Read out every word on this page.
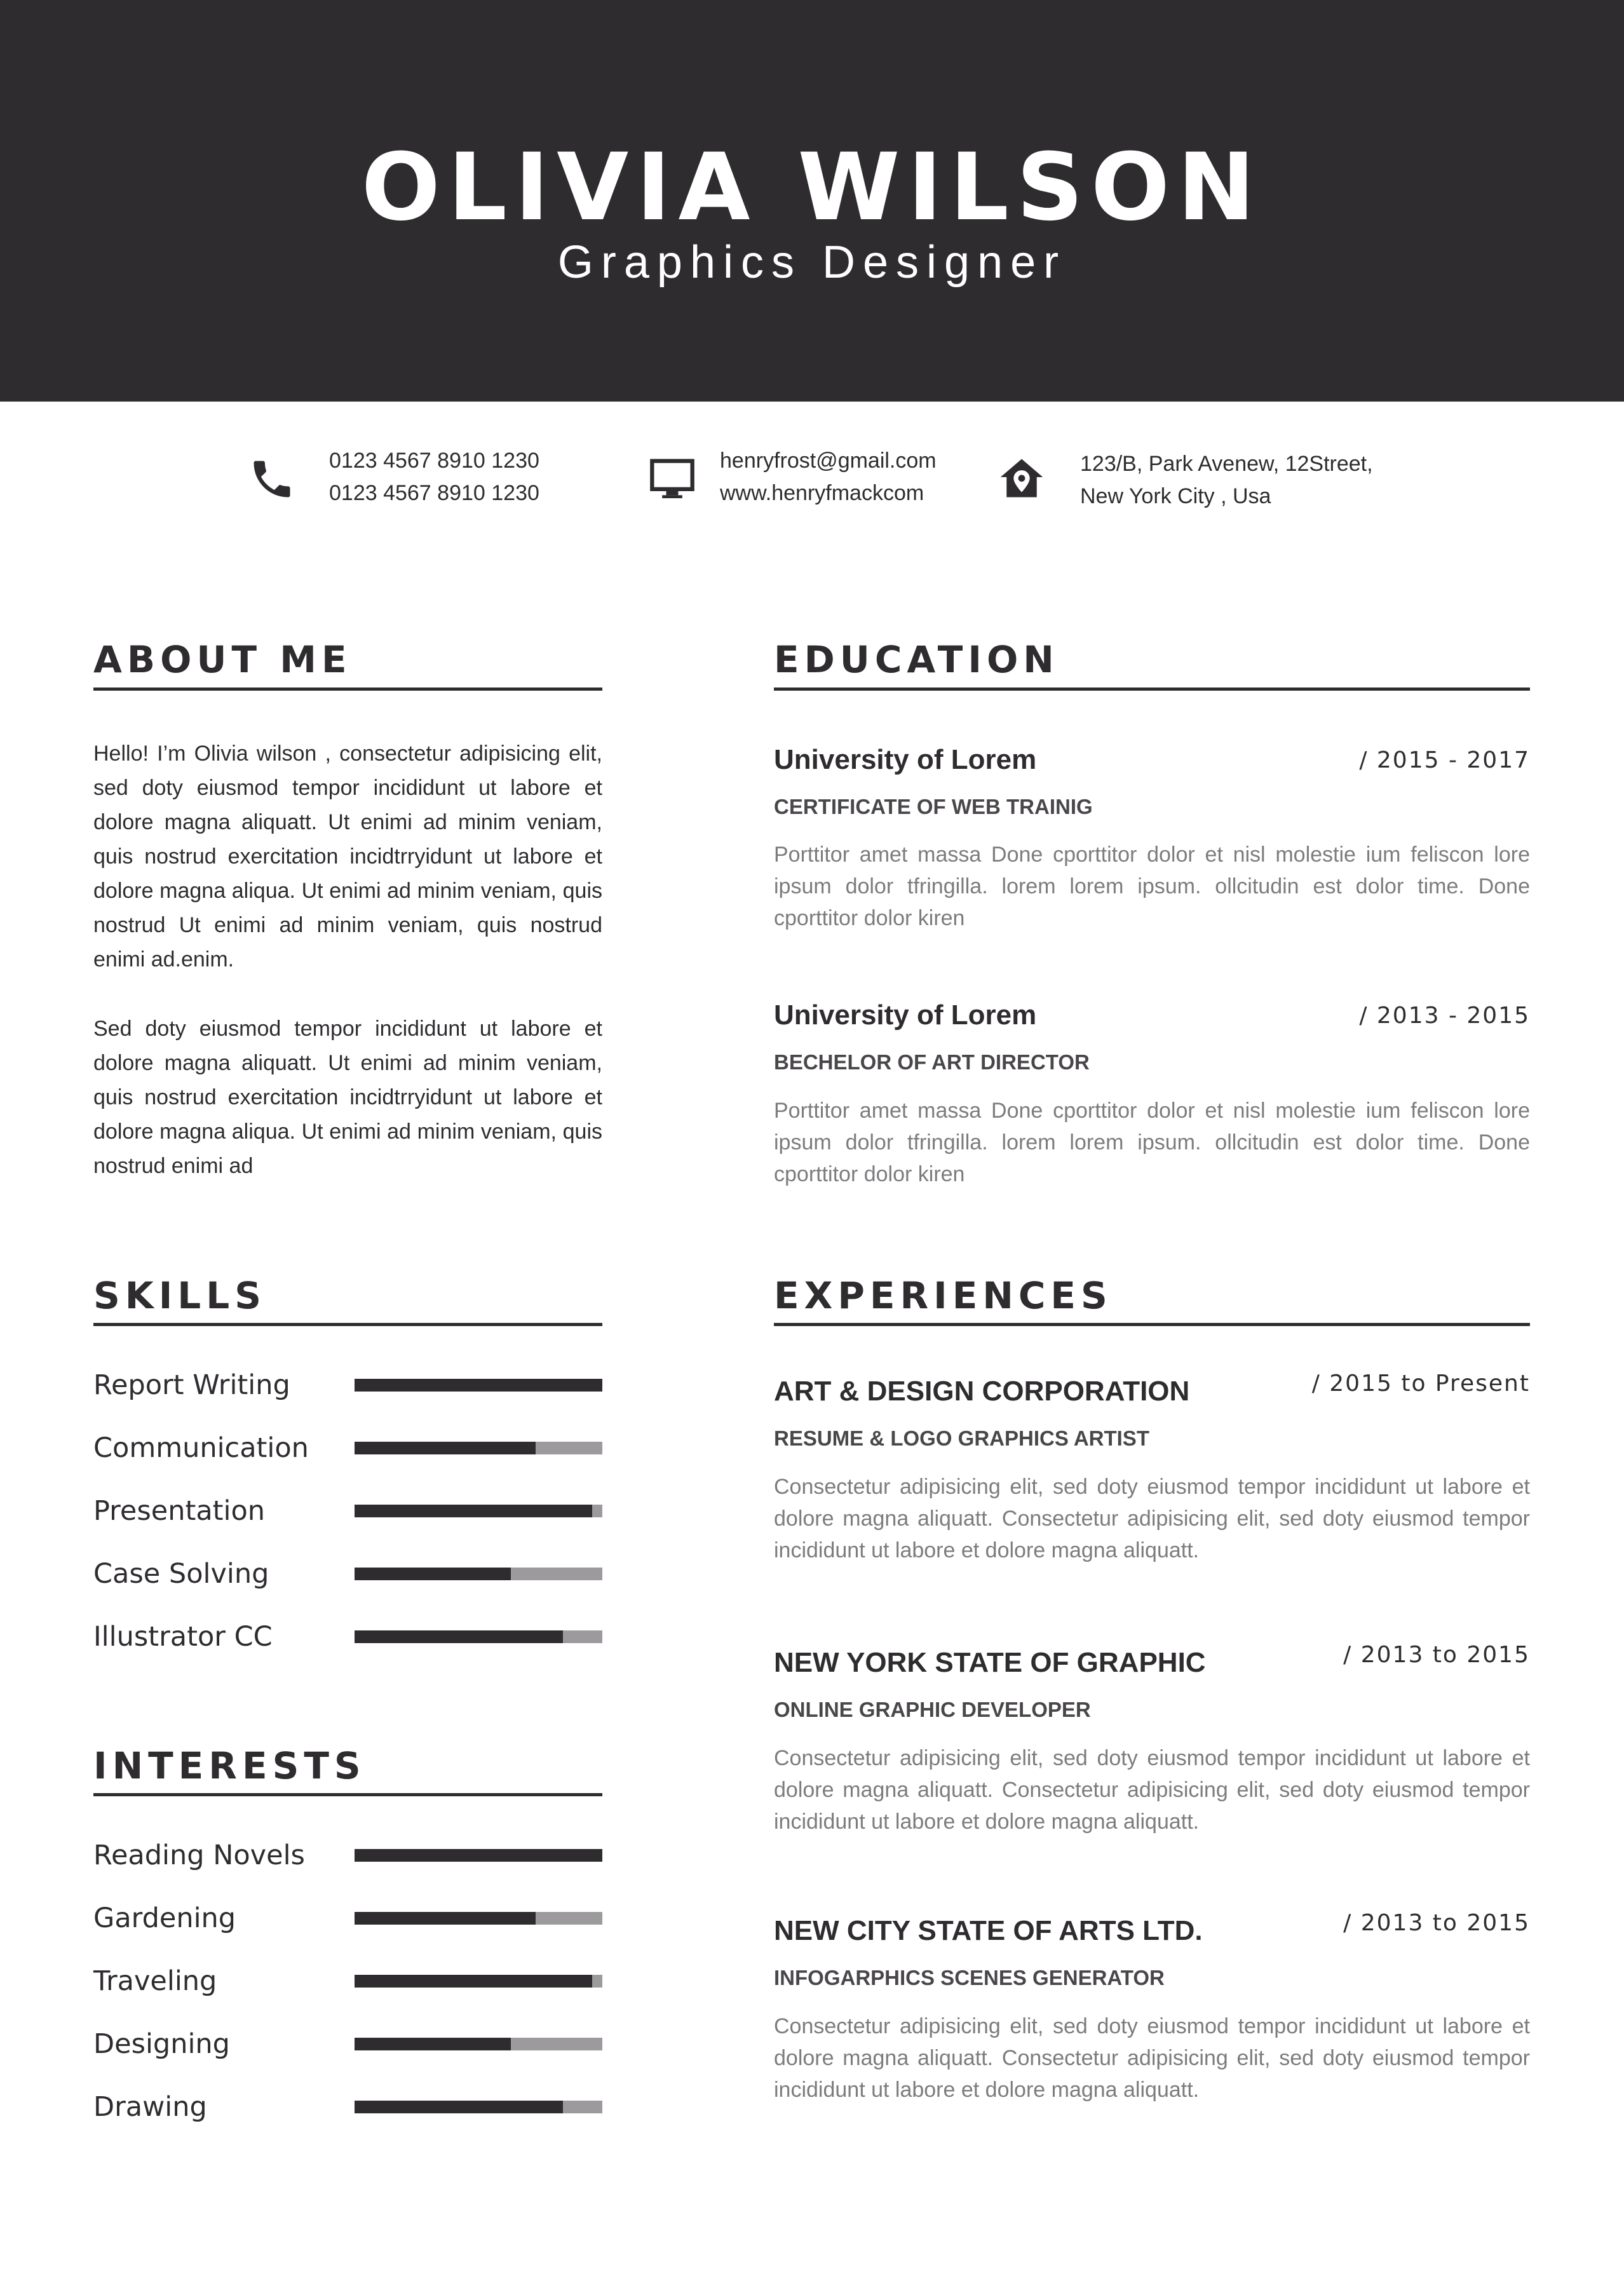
OLIVIA WILSON
Graphics Designer
0123 4567 8910 1230
0123 4567 8910 1230
henryfrost@gmail.com
www.henryfmackcom
123/B, Park Avenew, 12Street,
New York City , Usa
ABOUT ME
Hello! I’m Olivia wilson , consectetur adipisicing elit, sed doty eiusmod tempor incididunt ut labore et dolore magna aliquatt. Ut enimi ad minim veniam, quis nostrud exercitation incidtrryidunt ut labore et dolore magna aliqua. Ut enimi ad minim veniam, quis nostrud Ut enimi ad minim veniam, quis nostrud enimi ad.enim.
Sed doty eiusmod tempor incididunt ut labore et dolore magna aliquatt. Ut enimi ad minim veniam, quis nostrud exercitation incidtrryidunt ut labore et dolore magna aliqua. Ut enimi ad minim veniam, quis nostrud enimi ad
EDUCATION
University of Lorem	/ 2015 - 2017
CERTIFICATE OF WEB TRAINIG
Porttitor amet massa Done cporttitor dolor et nisl molestie ium feliscon lore ipsum dolor tfringilla. lorem lorem ipsum. ollcitudin est dolor time. Done cporttitor dolor kiren
University of Lorem	/ 2013 - 2015
BECHELOR OF ART DIRECTOR
Porttitor amet massa Done cporttitor dolor et nisl molestie ium feliscon lore ipsum dolor tfringilla. lorem lorem ipsum. ollcitudin est dolor time. Done cporttitor dolor kiren
SKILLS
Report Writing
Communication
Presentation
Case Solving
Illustrator CC
INTERESTS
Reading Novels
Gardening
Traveling
Designing
Drawing
EXPERIENCES
ART & DESIGN CORPORATION	/ 2015 to Present
RESUME & LOGO GRAPHICS ARTIST
Consectetur adipisicing elit, sed doty eiusmod tempor incididunt ut labore et dolore magna aliquatt. Consectetur adipisicing elit, sed doty eiusmod tempor incididunt ut labore et dolore magna aliquatt.
NEW YORK STATE OF GRAPHIC	/ 2013 to 2015
ONLINE GRAPHIC DEVELOPER
Consectetur adipisicing elit, sed doty eiusmod tempor incididunt ut labore et dolore magna aliquatt. Consectetur adipisicing elit, sed doty eiusmod tempor incididunt ut labore et dolore magna aliquatt.
NEW CITY STATE OF ARTS LTD.	/ 2013 to 2015
INFOGARPHICS SCENES GENERATOR
Consectetur adipisicing elit, sed doty eiusmod tempor incididunt ut labore et dolore magna aliquatt. Consectetur adipisicing elit, sed doty eiusmod tempor incididunt ut labore et dolore magna aliquatt.
